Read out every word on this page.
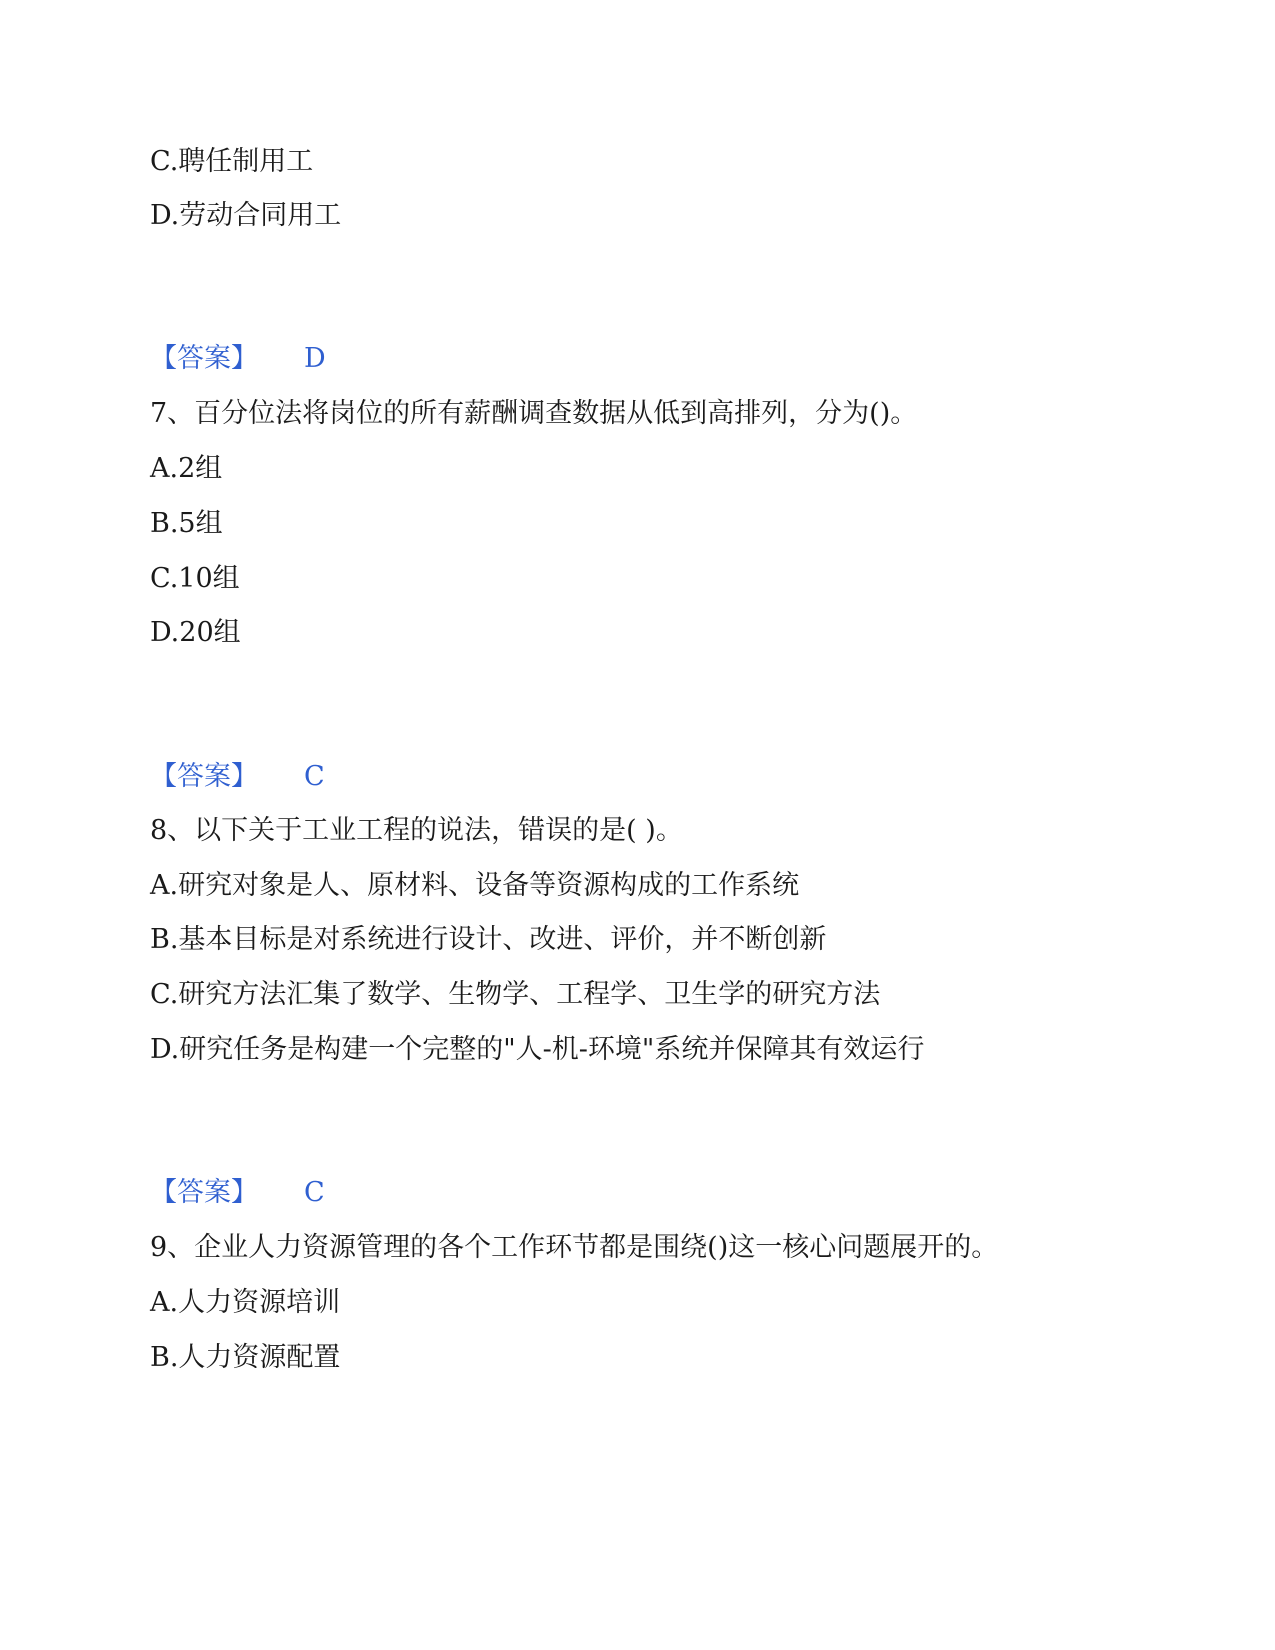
C.聘任制用工
D.劳动合同用工
【答案】 D
7、百分位法将岗位的所有薪酬调查数据从低到高排列，分为()。
A.2组
B.5组
C.10组
D.20组
【答案】 C
8、以下关于工业工程的说法，错误的是( )。
A.研究对象是人、原材料、设备等资源构成的工作系统
B.基本目标是对系统进行设计、改进、评价，并不断创新
C.研究方法汇集了数学、生物学、工程学、卫生学的研究方法
D.研究任务是构建一个完整的"人-机-环境"系统并保障其有效运行
【答案】 C
9、企业人力资源管理的各个工作环节都是围绕()这一核心问题展开的。
A.人力资源培训
B.人力资源配置
